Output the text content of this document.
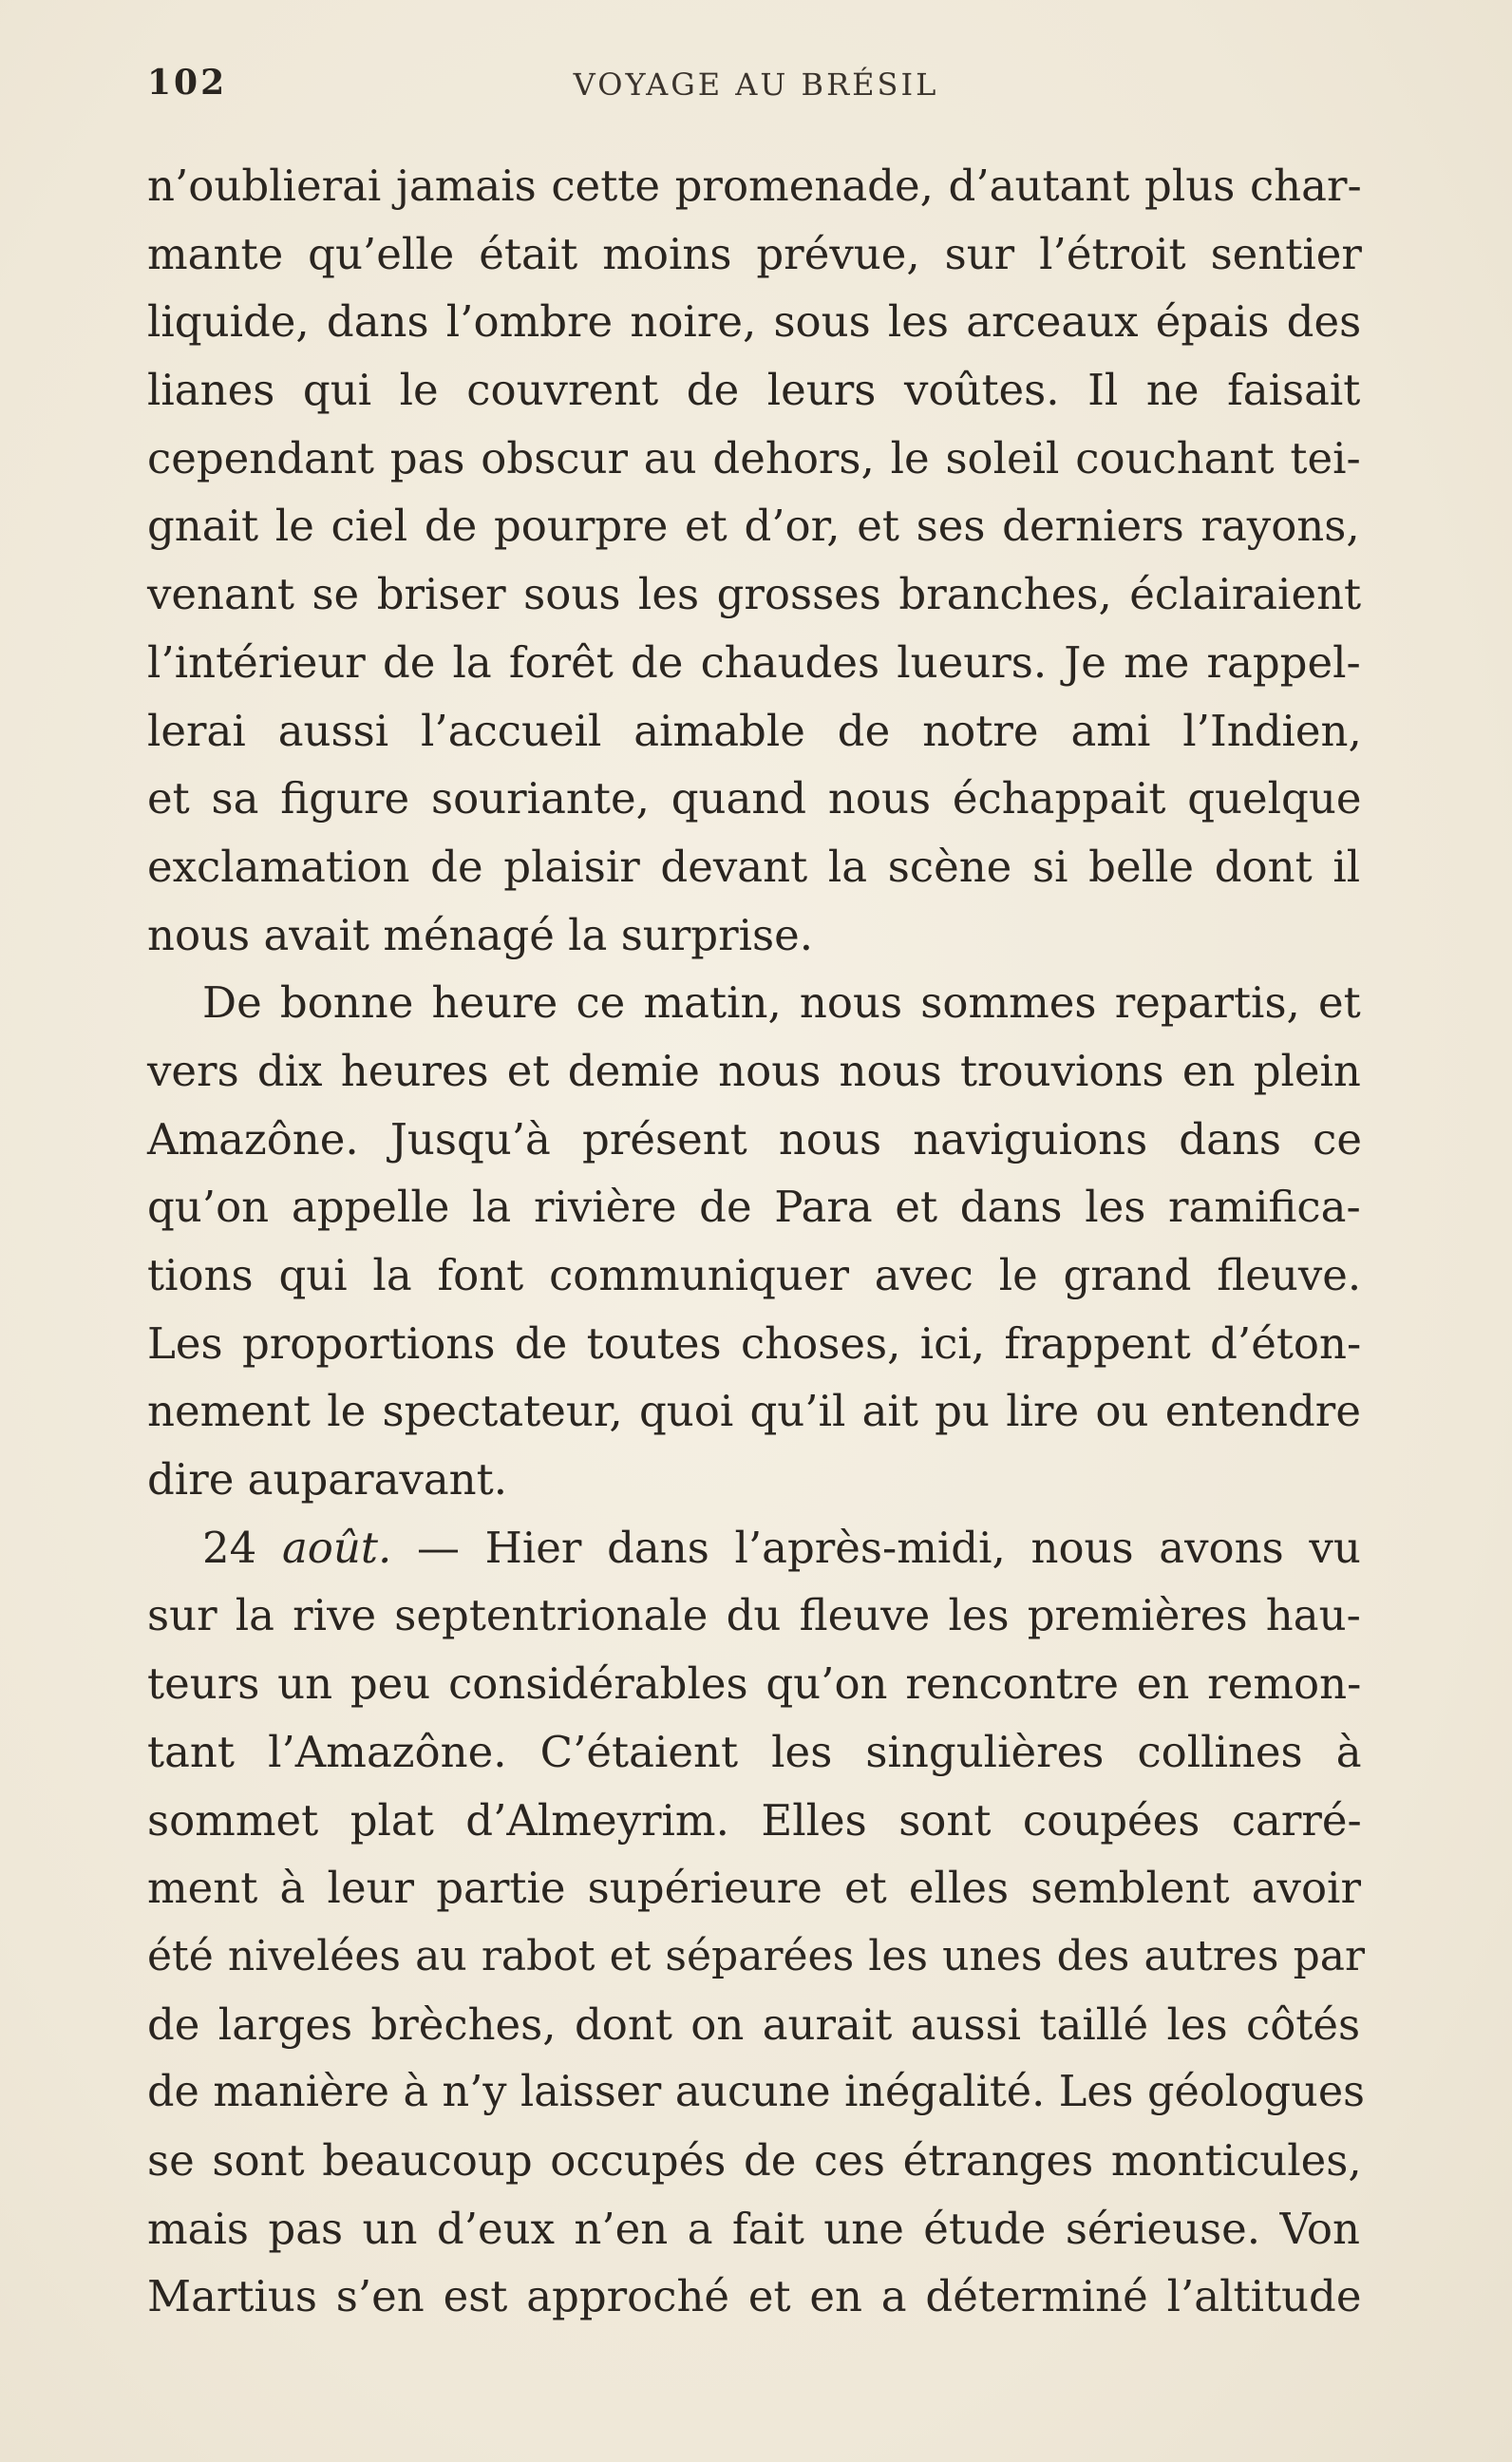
102	VOYAGE AU BRÉSIL
n’oublierai jamais cette promenade, d’autant plus char-
mante qu’elle était moins prévue, sur l’étroit sentier
liquide, dans l’ombre noire, sous les arceaux épais des
lianes qui le couvrent de leurs voûtes. Il ne faisait
cependant pas obscur au dehors, le soleil couchant tei-
gnait le ciel de pourpre et d’or, et ses derniers rayons,
venant se briser sous les grosses branches, éclairaient
l’intérieur de la forêt de chaudes lueurs. Je me rappel-
lerai aussi l’accueil aimable de notre ami l’Indien,
et sa figure souriante, quand nous échappait quelque
exclamation de plaisir devant la scène si belle dont il
nous avait ménagé la surprise.
De bonne heure ce matin, nous sommes repartis, et
vers dix heures et demie nous nous trouvions en plein
Amazône. Jusqu’à présent nous naviguions dans ce
qu’on appelle la rivière de Para et dans les ramifica-
tions qui la font communiquer avec le grand fleuve.
Les proportions de toutes choses, ici, frappent d’éton-
nement le spectateur, quoi qu’il ait pu lire ou entendre
dire auparavant.
24 août. — Hier dans l’après-midi, nous avons vu
sur la rive septentrionale du fleuve les premières hau-
teurs un peu considérables qu’on rencontre en remon-
tant l’Amazône. C’étaient les singulières collines à
sommet plat d’Almeyrim. Elles sont coupées carré-
ment à leur partie supérieure et elles semblent avoir
été nivelées au rabot et séparées les unes des autres par
de larges brèches, dont on aurait aussi taillé les côtés
de manière à n’y laisser aucune inégalité. Les géologues
se sont beaucoup occupés de ces étranges monticules,
mais pas un d’eux n’en a fait une étude sérieuse. Von
Martius s’en est approché et en a déterminé l’altitude
